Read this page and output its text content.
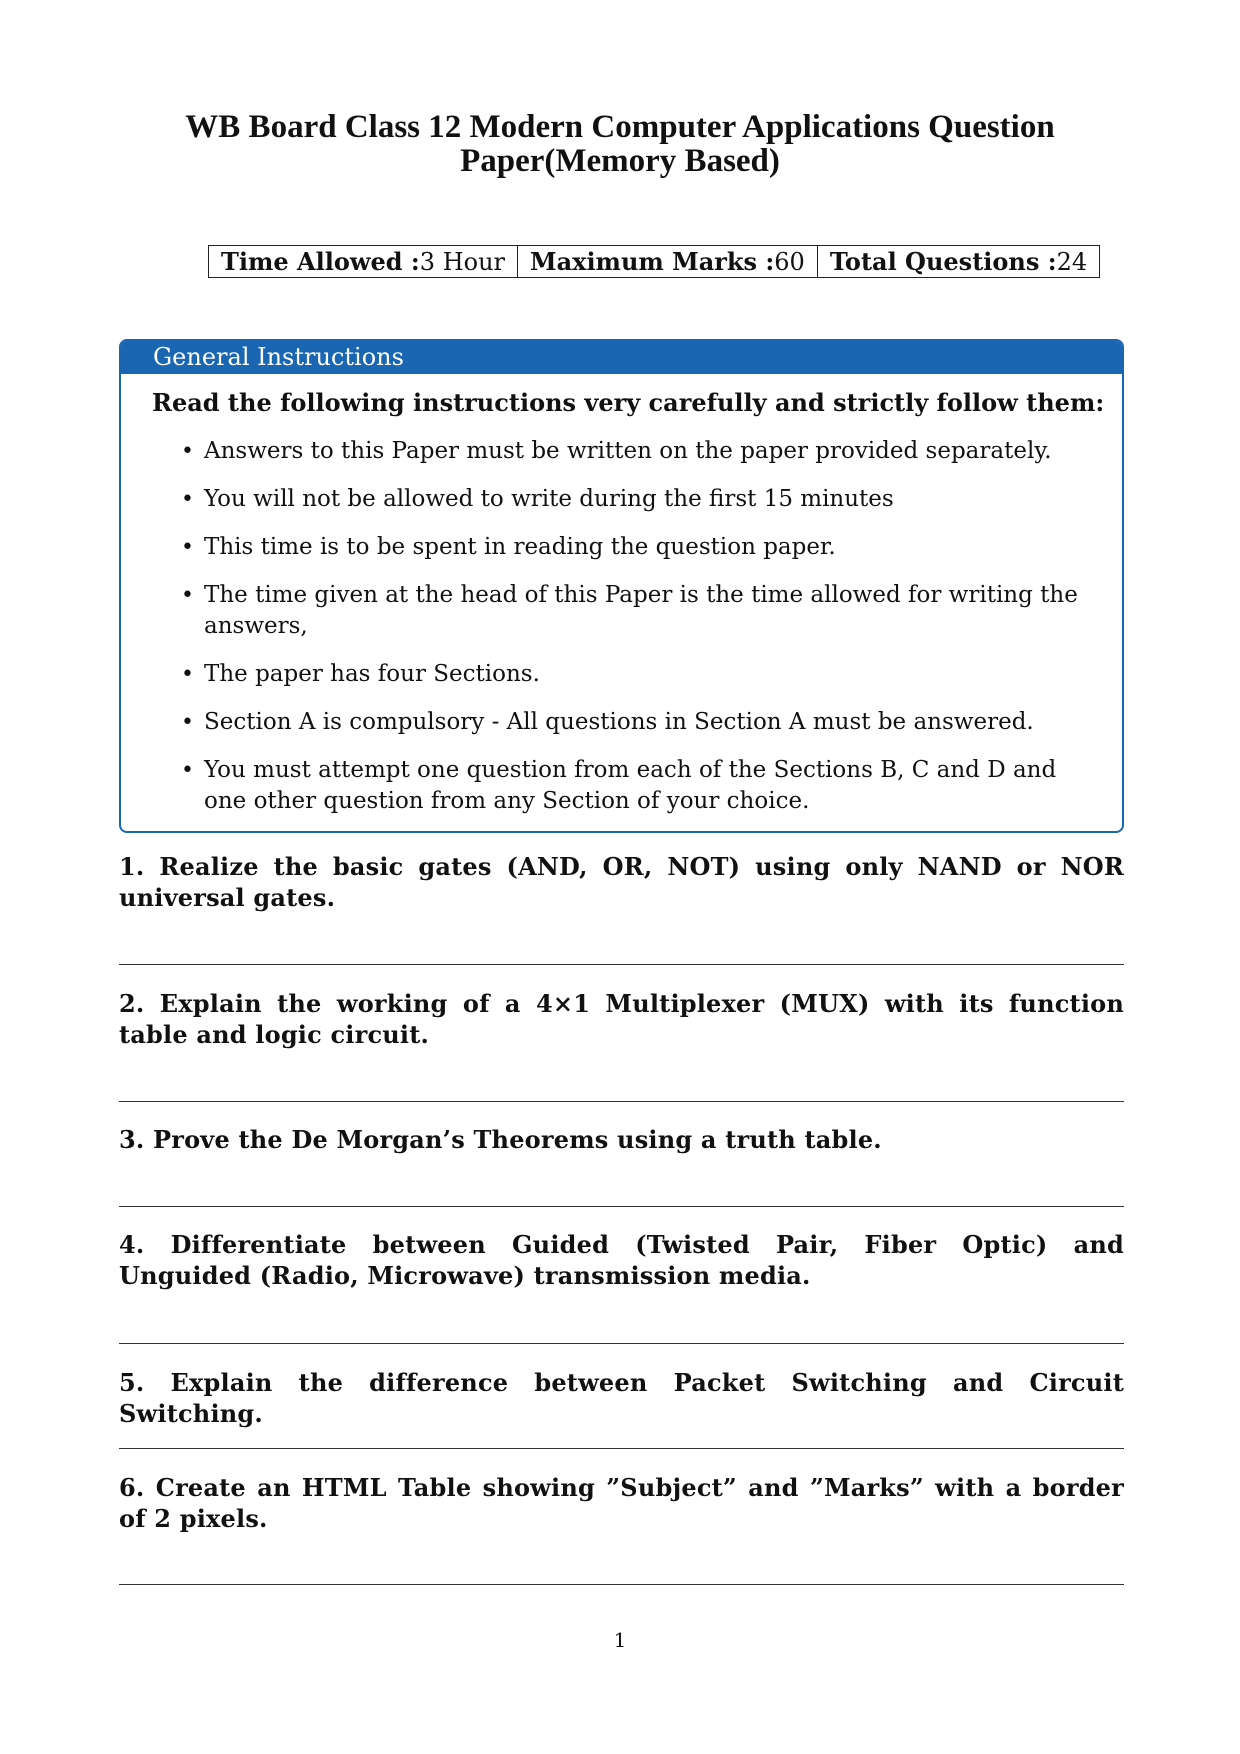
WB Board Class 12 Modern Computer Applications Question Paper(Memory Based)
Time Allowed :3 Hour	Maximum Marks :60	Total Questions :24
General Instructions
Read the following instructions very carefully and strictly follow them:
• Answers to this Paper must be written on the paper provided separately.
• You will not be allowed to write during the first 15 minutes
• This time is to be spent in reading the question paper.
• The time given at the head of this Paper is the time allowed for writing the answers,
• The paper has four Sections.
• Section A is compulsory - All questions in Section A must be answered.
• You must attempt one question from each of the Sections B, C and D and one other question from any Section of your choice.

1. Realize the basic gates (AND, OR, NOT) using only NAND or NOR universal gates.

2. Explain the working of a 4×1 Multiplexer (MUX) with its function table and logic circuit.

3. Prove the De Morgan’s Theorems using a truth table.

4. Differentiate between Guided (Twisted Pair, Fiber Optic) and Unguided (Radio, Microwave) transmission media.

5. Explain the difference between Packet Switching and Circuit Switching.

6. Create an HTML Table showing ”Subject” and ”Marks” with a border of 2 pixels.

1
